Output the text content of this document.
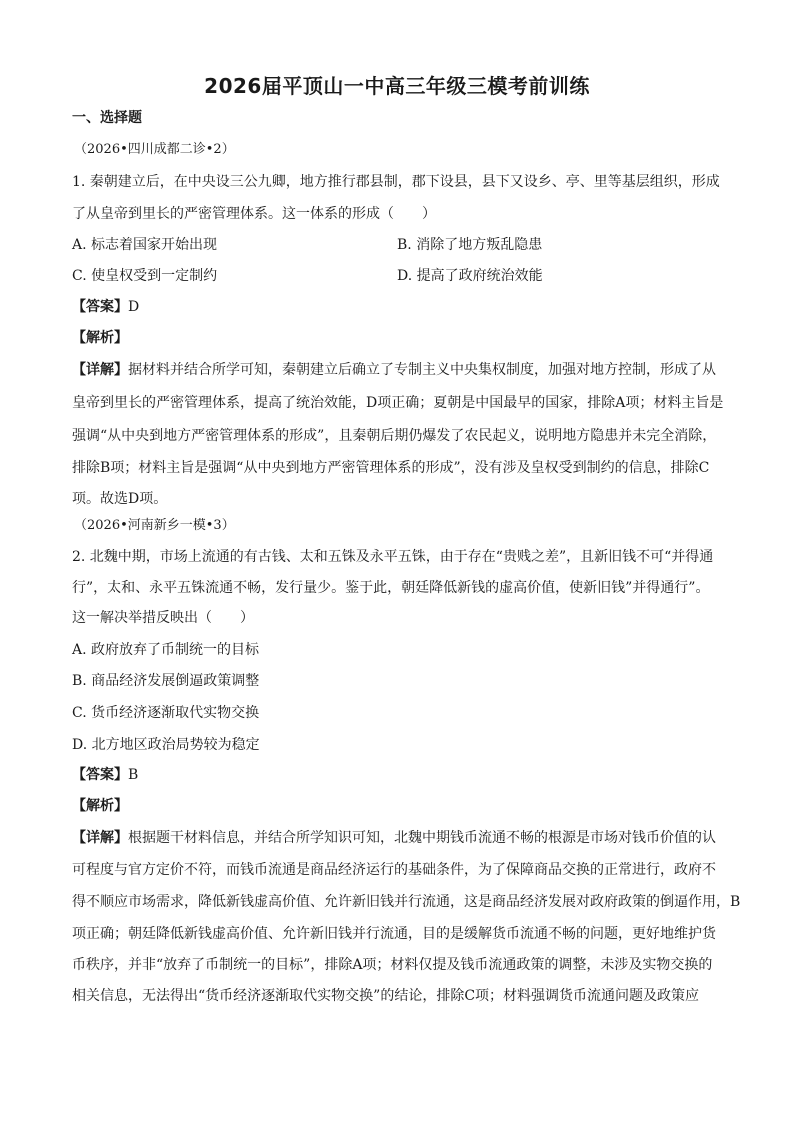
2026届平顶山一中高三年级三模考前训练
一、选择题
（2026•四川成都二诊•2）
1. 秦朝建立后，在中央设三公九卿，地方推行郡县制，郡下设县，县下又设乡、亭、里等基层组织，形成
了从皇帝到里长的严密管理体系。这一体系的形成（　　）
A. 标志着国家开始出现	B. 消除了地方叛乱隐患
C. 使皇权受到一定制约	D. 提高了政府统治效能
【答案】D
【解析】
【详解】据材料并结合所学可知，秦朝建立后确立了专制主义中央集权制度，加强对地方控制，形成了从
皇帝到里长的严密管理体系，提高了统治效能，D项正确；夏朝是中国最早的国家，排除A项；材料主旨是
强调“从中央到地方严密管理体系的形成”，且秦朝后期仍爆发了农民起义，说明地方隐患并未完全消除，
排除B项；材料主旨是强调“从中央到地方严密管理体系的形成”，没有涉及皇权受到制约的信息，排除C
项。故选D项。
（2026•河南新乡一模•3）
2. 北魏中期，市场上流通的有古钱、太和五铢及永平五铢，由于存在“贵贱之差”，且新旧钱不可“并得通
行”，太和、永平五铢流通不畅，发行量少。鉴于此，朝廷降低新钱的虚高价值，使新旧钱”并得通行”。
这一解决举措反映出（　　）
A. 政府放弃了币制统一的目标
B. 商品经济发展倒逼政策调整
C. 货币经济逐渐取代实物交换
D. 北方地区政治局势较为稳定
【答案】B
【解析】
【详解】根据题干材料信息，并结合所学知识可知，北魏中期钱币流通不畅的根源是市场对钱币价值的认
可程度与官方定价不符，而钱币流通是商品经济运行的基础条件，为了保障商品交换的正常进行，政府不
得不顺应市场需求，降低新钱虚高价值、允许新旧钱并行流通，这是商品经济发展对政府政策的倒逼作用，B
项正确；朝廷降低新钱虚高价值、允许新旧钱并行流通，目的是缓解货币流通不畅的问题，更好地维护货
币秩序，并非“放弃了币制统一的目标”，排除A项；材料仅提及钱币流通政策的调整，未涉及实物交换的
相关信息，无法得出“货币经济逐渐取代实物交换”的结论，排除C项；材料强调货币流通问题及政策应
